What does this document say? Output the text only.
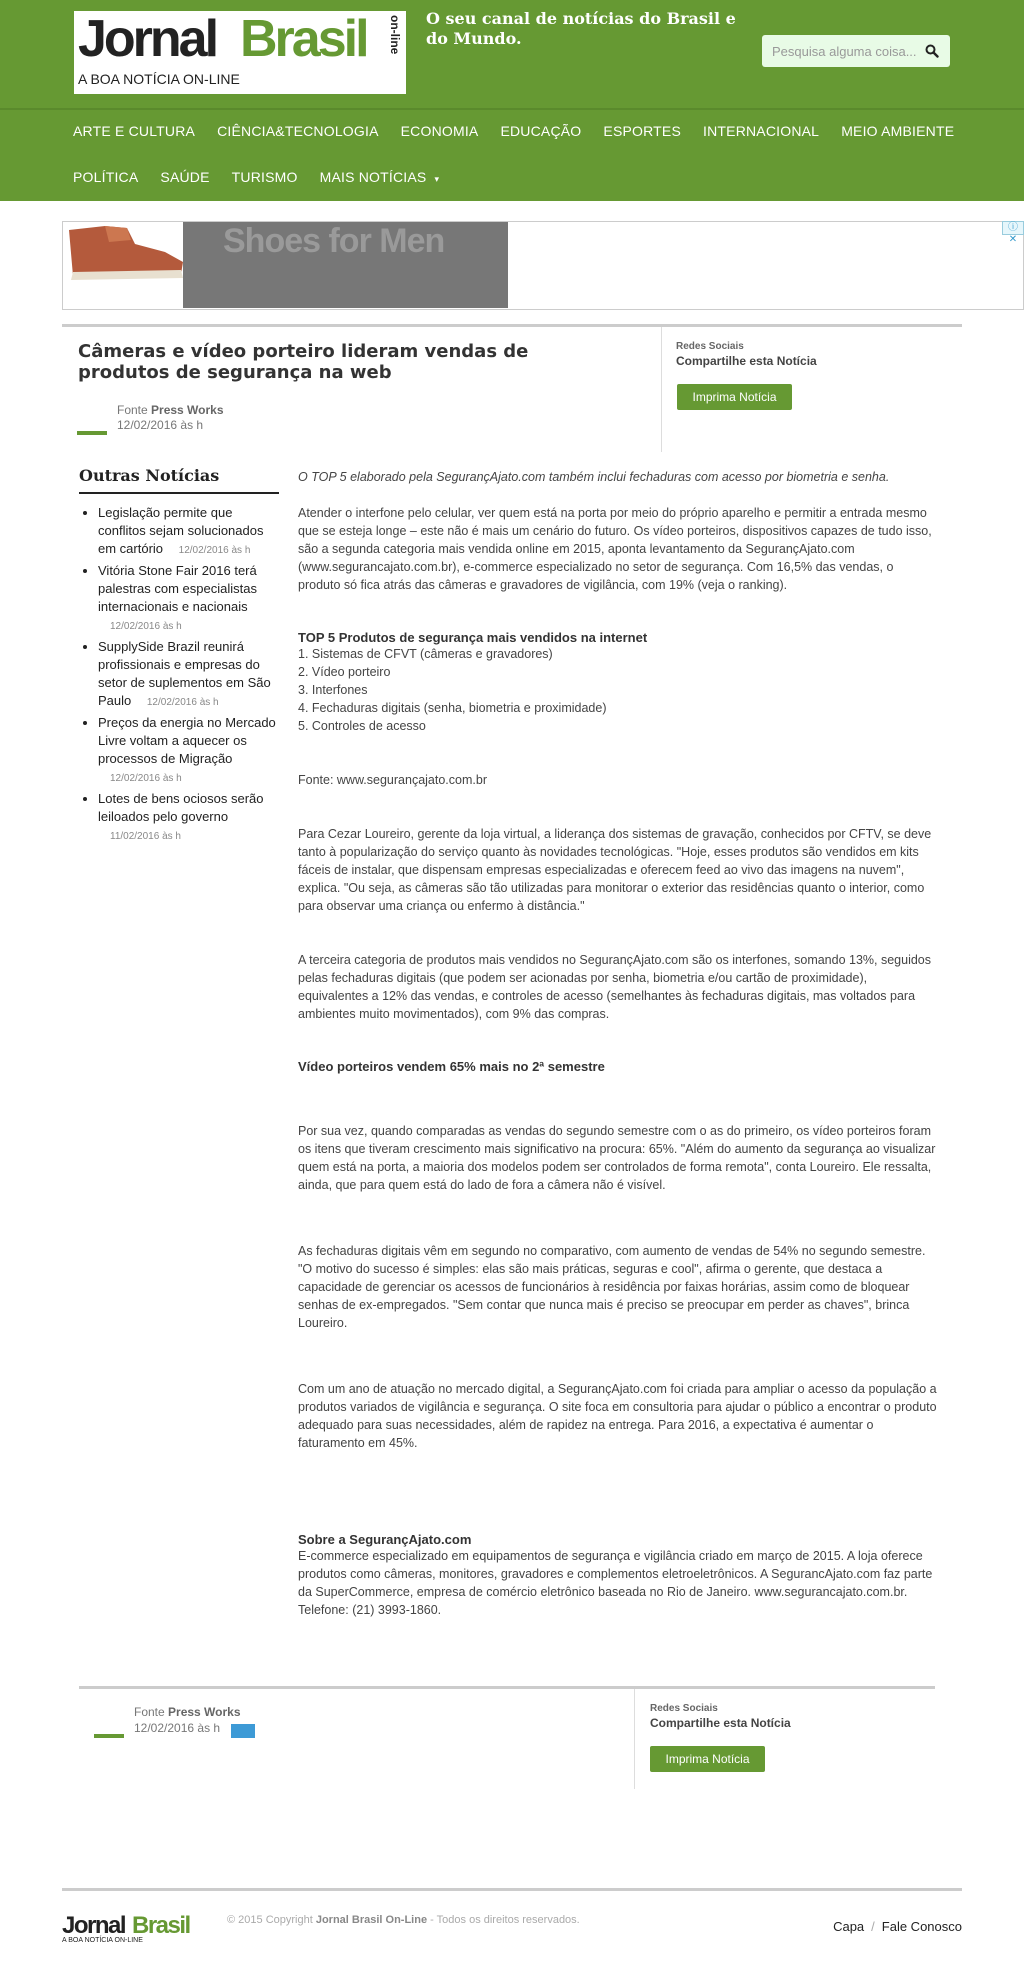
Jornal Brasil on-line
A BOA NOTÍCIA ON-LINE
O seu canal de notícias do Brasil e do Mundo.
Pesquisa alguma coisa...
ARTE E CULTURA	CIÊNCIA&TECNOLOGIA	ECONOMIA	EDUCAÇÃO	ESPORTES	INTERNACIONAL	MEIO AMBIENTE
POLÍTICA	SAÚDE	TURISMO	MAIS NOTÍCIAS ▾
Shoes for Men	ⓘ ✕
Câmeras e vídeo porteiro lideram vendas de produtos de segurança na web
Fonte Press Works
12/02/2016 às h
Redes Sociais
Compartilhe esta Notícia
Imprima Notícia
Outras Notícias
• Legislação permite que conflitos sejam solucionados em cartório 12/02/2016 às h
• Vitória Stone Fair 2016 terá palestras com especialistas internacionais e nacionais
12/02/2016 às h
• SupplySide Brazil reunirá profissionais e empresas do setor de suplementos em São Paulo 12/02/2016 às h
• Preços da energia no Mercado Livre voltam a aquecer os processos de Migração
12/02/2016 às h
• Lotes de bens ociosos serão leiloados pelo governo
11/02/2016 às h

O TOP 5 elaborado pela SegurançAjato.com também inclui fechaduras com acesso por biometria e senha.

Atender o interfone pelo celular, ver quem está na porta por meio do próprio aparelho e permitir a entrada mesmo que se esteja longe – este não é mais um cenário do futuro. Os vídeo porteiros, dispositivos capazes de tudo isso, são a segunda categoria mais vendida online em 2015, aponta levantamento da SegurançAjato.com (www.segurancajato.com.br), e-commerce especializado no setor de segurança. Com 16,5% das vendas, o produto só fica atrás das câmeras e gravadores de vigilância, com 19% (veja o ranking).

TOP 5 Produtos de segurança mais vendidos na internet

1. Sistemas de CFVT (câmeras e gravadores)

2. Vídeo porteiro

3. Interfones

4. Fechaduras digitais (senha, biometria e proximidade)

5. Controles de acesso

Fonte: www.segurançajato.com.br

Para Cezar Loureiro, gerente da loja virtual, a liderança dos sistemas de gravação, conhecidos por CFTV, se deve tanto à popularização do serviço quanto às novidades tecnológicas. "Hoje, esses produtos são vendidos em kits fáceis de instalar, que dispensam empresas especializadas e oferecem feed ao vivo das imagens na nuvem", explica. "Ou seja, as câmeras são tão utilizadas para monitorar o exterior das residências quanto o interior, como para observar uma criança ou enfermo à distância."

A terceira categoria de produtos mais vendidos no SegurançAjato.com são os interfones, somando 13%, seguidos pelas fechaduras digitais (que podem ser acionadas por senha, biometria e/ou cartão de proximidade), equivalentes a 12% das vendas, e controles de acesso (semelhantes às fechaduras digitais, mas voltados para ambientes muito movimentados), com 9% das compras.

Vídeo porteiros vendem 65% mais no 2ª semestre

Por sua vez, quando comparadas as vendas do segundo semestre com o as do primeiro, os vídeo porteiros foram os itens que tiveram crescimento mais significativo na procura: 65%. "Além do aumento da segurança ao visualizar quem está na porta, a maioria dos modelos podem ser controlados de forma remota", conta Loureiro. Ele ressalta, ainda, que para quem está do lado de fora a câmera não é visível.

As fechaduras digitais vêm em segundo no comparativo, com aumento de vendas de 54% no segundo semestre. "O motivo do sucesso é simples: elas são mais práticas, seguras e cool", afirma o gerente, que destaca a capacidade de gerenciar os acessos de funcionários à residência por faixas horárias, assim como de bloquear senhas de ex-empregados. "Sem contar que nunca mais é preciso se preocupar em perder as chaves", brinca Loureiro.

Com um ano de atuação no mercado digital, a SegurançAjato.com foi criada para ampliar o acesso da população a produtos variados de vigilância e segurança. O site foca em consultoria para ajudar o público a encontrar o produto adequado para suas necessidades, além de rapidez na entrega. Para 2016, a expectativa é aumentar o faturamento em 45%.

Sobre a SegurançAjato.com

E-commerce especializado em equipamentos de segurança e vigilância criado em março de 2015. A loja oferece produtos como câmeras, monitores, gravadores e complementos eletroeletrônicos. A SegurancAjato.com faz parte da SuperCommerce, empresa de comércio eletrônico baseada no Rio de Janeiro. www.segurancajato.com.br. Telefone: (21) 3993-1860.

Fonte Press Works
12/02/2016 às h
Redes Sociais
Compartilhe esta Notícia
Imprima Notícia
Jornal Brasil
A BOA NOTÍCIA ON-LINE
© 2015 Copyright Jornal Brasil On-Line - Todos os direitos reservados.	Capa / Fale Conosco
